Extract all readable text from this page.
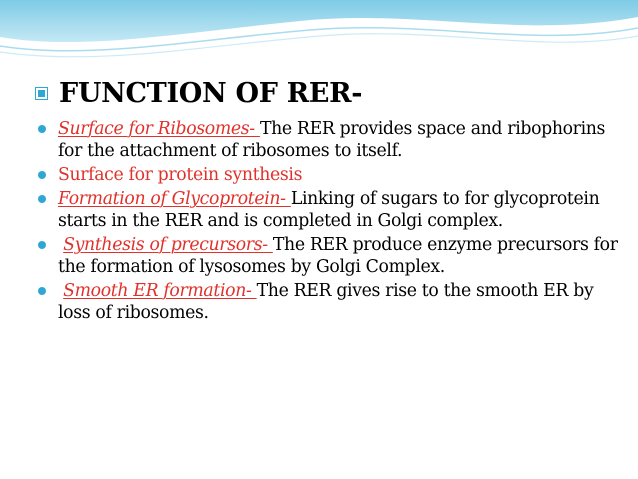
FUNCTION OF RER-
Surface for Ribosomes- The RER provides space and ribophorins for the attachment of ribosomes to itself.
Surface for protein synthesis
Formation of Glycoprotein- Linking of sugars to for glycoprotein starts in the RER and is completed in Golgi complex.
Synthesis of precursors- The RER produce enzyme precursors for the formation of lysosomes by Golgi Complex.
Smooth ER formation- The RER gives rise to the smooth ER by loss of ribosomes.
